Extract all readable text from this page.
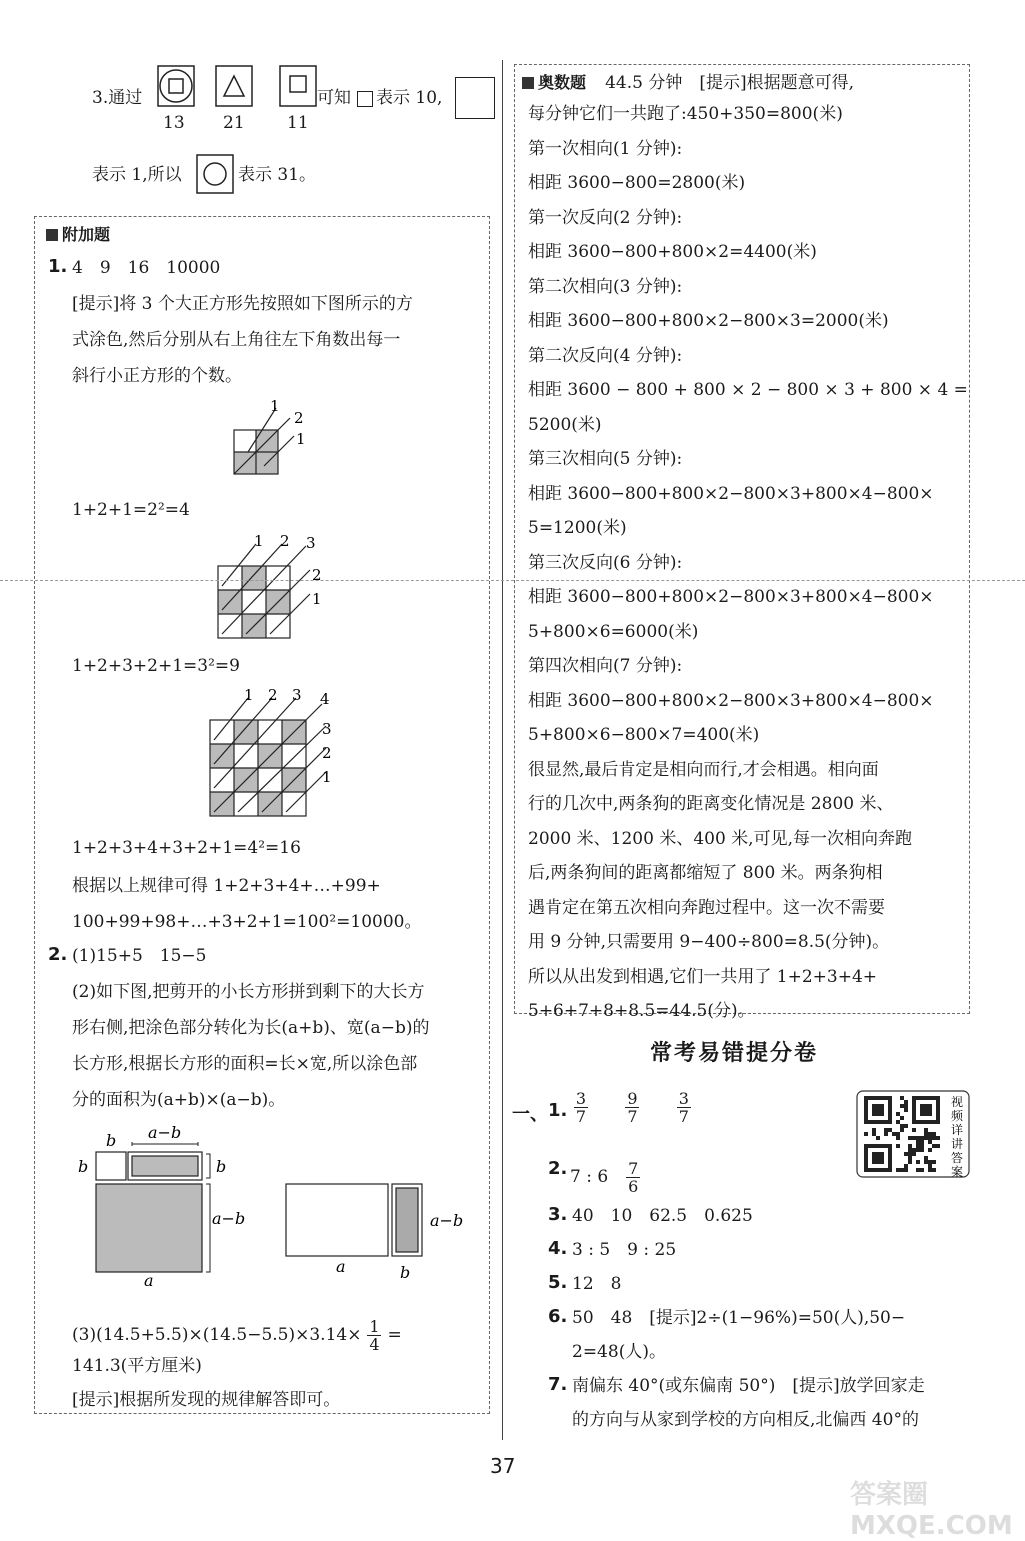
3.通过
13 21 11
可知 表示 10,
表示 1,所以	表示 31。
附加题
1. 4　9　16　10000
[提示]将 3 个大正方形先按照如下图所示的方
式涂色,然后分别从右上角往左下角数出每一
斜行小正方形的个数。
1
2
1
1+2+1=2²=4
1 2 3
2
1
1+2+3+2+1=3²=9
1 2 3 4
3
2
1
1+2+3+4+3+2+1=4²=16
根据以上规律可得 1+2+3+4+…+99+
100+99+98+…+3+2+1=100²=10000。
2. (1)15+5　15−5
(2)如下图,把剪开的小长方形拼到剩下的大长方
形右侧,把涂色部分转化为长(a+b)、宽(a−b)的
长方形,根据长方形的面积=长×宽,所以涂色部
分的面积为(a+b)×(a−b)。
b a−b
b	b
a−b
a
a
a−b
b
$(3)(14.5+5.5)\times(14.5-5.5)\times 3.14\times \frac{1}{4}$ =
141.3(平方厘米)
[提示]根据所发现的规律解答即可。
奥数题 44.5 分钟　[提示]根据题意可得,
每分钟它们一共跑了:450+350=800(米)
第一次相向(1 分钟):
相距 3600−800=2800(米)
第一次反向(2 分钟):
相距 3600−800+800×2=4400(米)
第二次相向(3 分钟):
相距 3600−800+800×2−800×3=2000(米)
第二次反向(4 分钟):
相距 3600 − 800 + 800 × 2 − 800 × 3 + 800 × 4 =
5200(米)
第三次相向(5 分钟):
相距 3600−800+800×2−800×3+800×4−800×
5=1200(米)
第三次反向(6 分钟):
相距 3600−800+800×2−800×3+800×4−800×
5+800×6=6000(米)
第四次相向(7 分钟):
相距 3600−800+800×2−800×3+800×4−800×
5+800×6−800×7=400(米)
很显然,最后肯定是相向而行,才会相遇。相向面
行的几次中,两条狗的距离变化情况是 2800 米、
2000 米、1200 米、400 米,可见,每一次相向奔跑
后,两条狗间的距离都缩短了 800 米。两条狗相
遇肯定在第五次相向奔跑过程中。这一次不需要
用 9 分钟,只需要用 9−400÷800=8.5(分钟)。
所以从出发到相遇,它们一共用了 1+2+3+4+
5+6+7+8+8.5=44.5(分)。
常考易错提分卷
视
频
详
讲
答
案
一、 1. $\frac{3}{7}$
$\frac{9}{7}$
$\frac{3}{7}$
2. 7 : $6 \frac{7}{6}$
3. 40　10　62.5　0.625
4. 3 : 5　9 : 25
5. 12　8
6. 50　48　[提示]2÷(1−96%)=50(人),50−
2=48(人)。
7. 南偏东 40°(或东偏南 50°)　[提示]放学回家走
的方向与从家到学校的方向相反,北偏西 40°的
37
答案圈 MXQE.COM
